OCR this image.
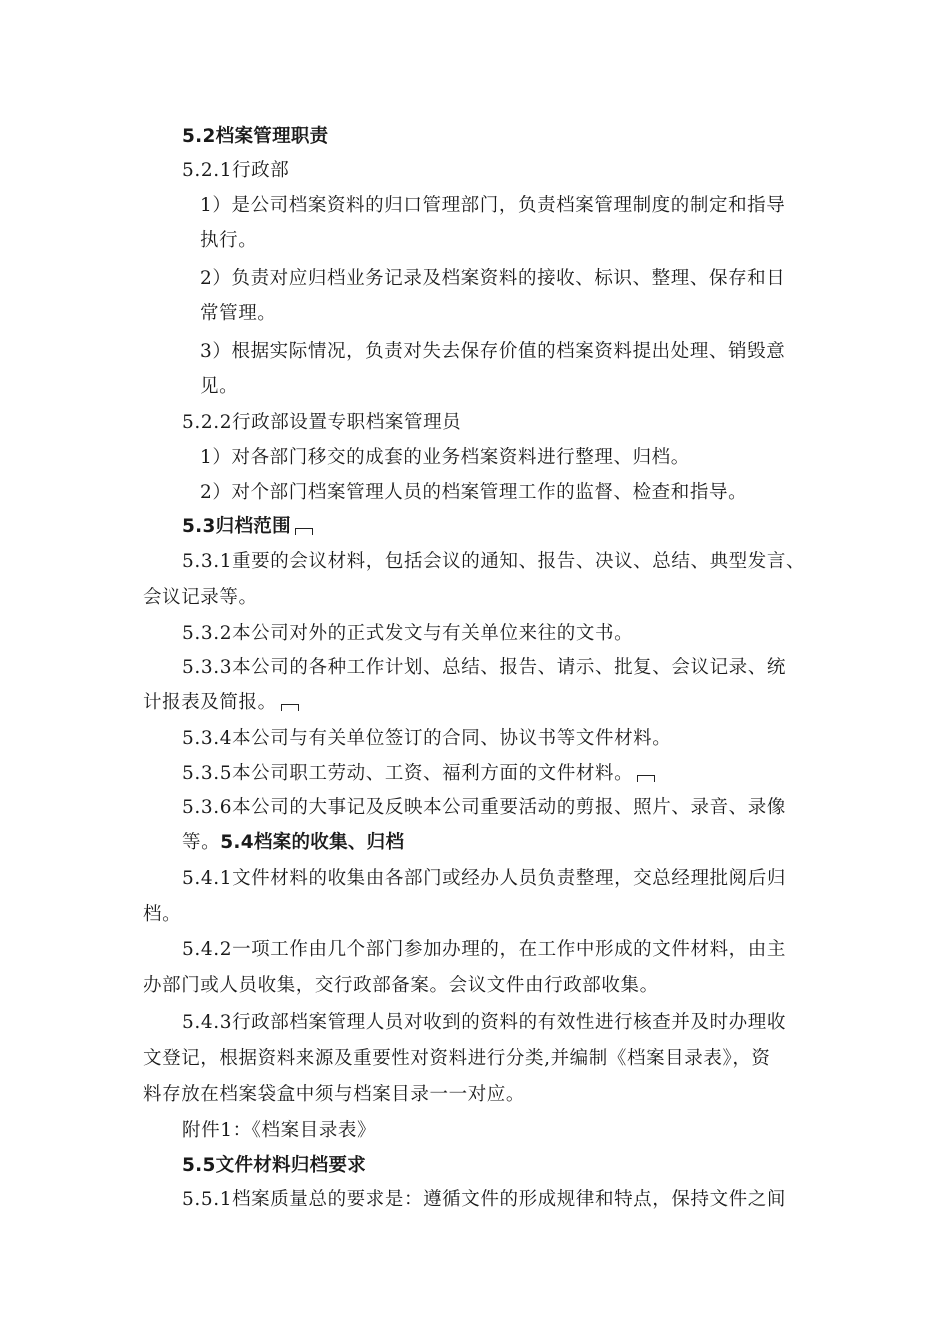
5.2档案管理职责
5.2.1行政部
1）是公司档案资料的归口管理部门，负责档案管理制度的制定和指导
执行。
2）负责对应归档业务记录及档案资料的接收、标识、整理、保存和日
常管理。
3）根据实际情况，负责对失去保存价值的档案资料提出处理、销毁意
见。
5.2.2行政部设置专职档案管理员
1）对各部门移交的成套的业务档案资料进行整理、归档。
2）对个部门档案管理人员的档案管理工作的监督、检查和指导。
5.3归档范围
5.3.1重要的会议材料，包括会议的通知、报告、决议、总结、典型发言、
会议记录等。
5.3.2本公司对外的正式发文与有关单位来往的文书。
5.3.3本公司的各种工作计划、总结、报告、请示、批复、会议记录、统
计报表及简报。
5.3.4本公司与有关单位签订的合同、协议书等文件材料。
5.3.5本公司职工劳动、工资、福利方面的文件材料。
5.3.6本公司的大事记及反映本公司重要活动的剪报、照片、录音、录像
等。5.4档案的收集、归档
5.4.1文件材料的收集由各部门或经办人员负责整理，交总经理批阅后归
档。
5.4.2一项工作由几个部门参加办理的，在工作中形成的文件材料，由主
办部门或人员收集，交行政部备案。会议文件由行政部收集。
5.4.3行政部档案管理人员对收到的资料的有效性进行核查并及时办理收
文登记，根据资料来源及重要性对资料进行分类,并编制《档案目录表》，资
料存放在档案袋盒中须与档案目录一一对应。
附件1：《档案目录表》
5.5文件材料归档要求
5.5.1档案质量总的要求是：遵循文件的形成规律和特点，保持文件之间
